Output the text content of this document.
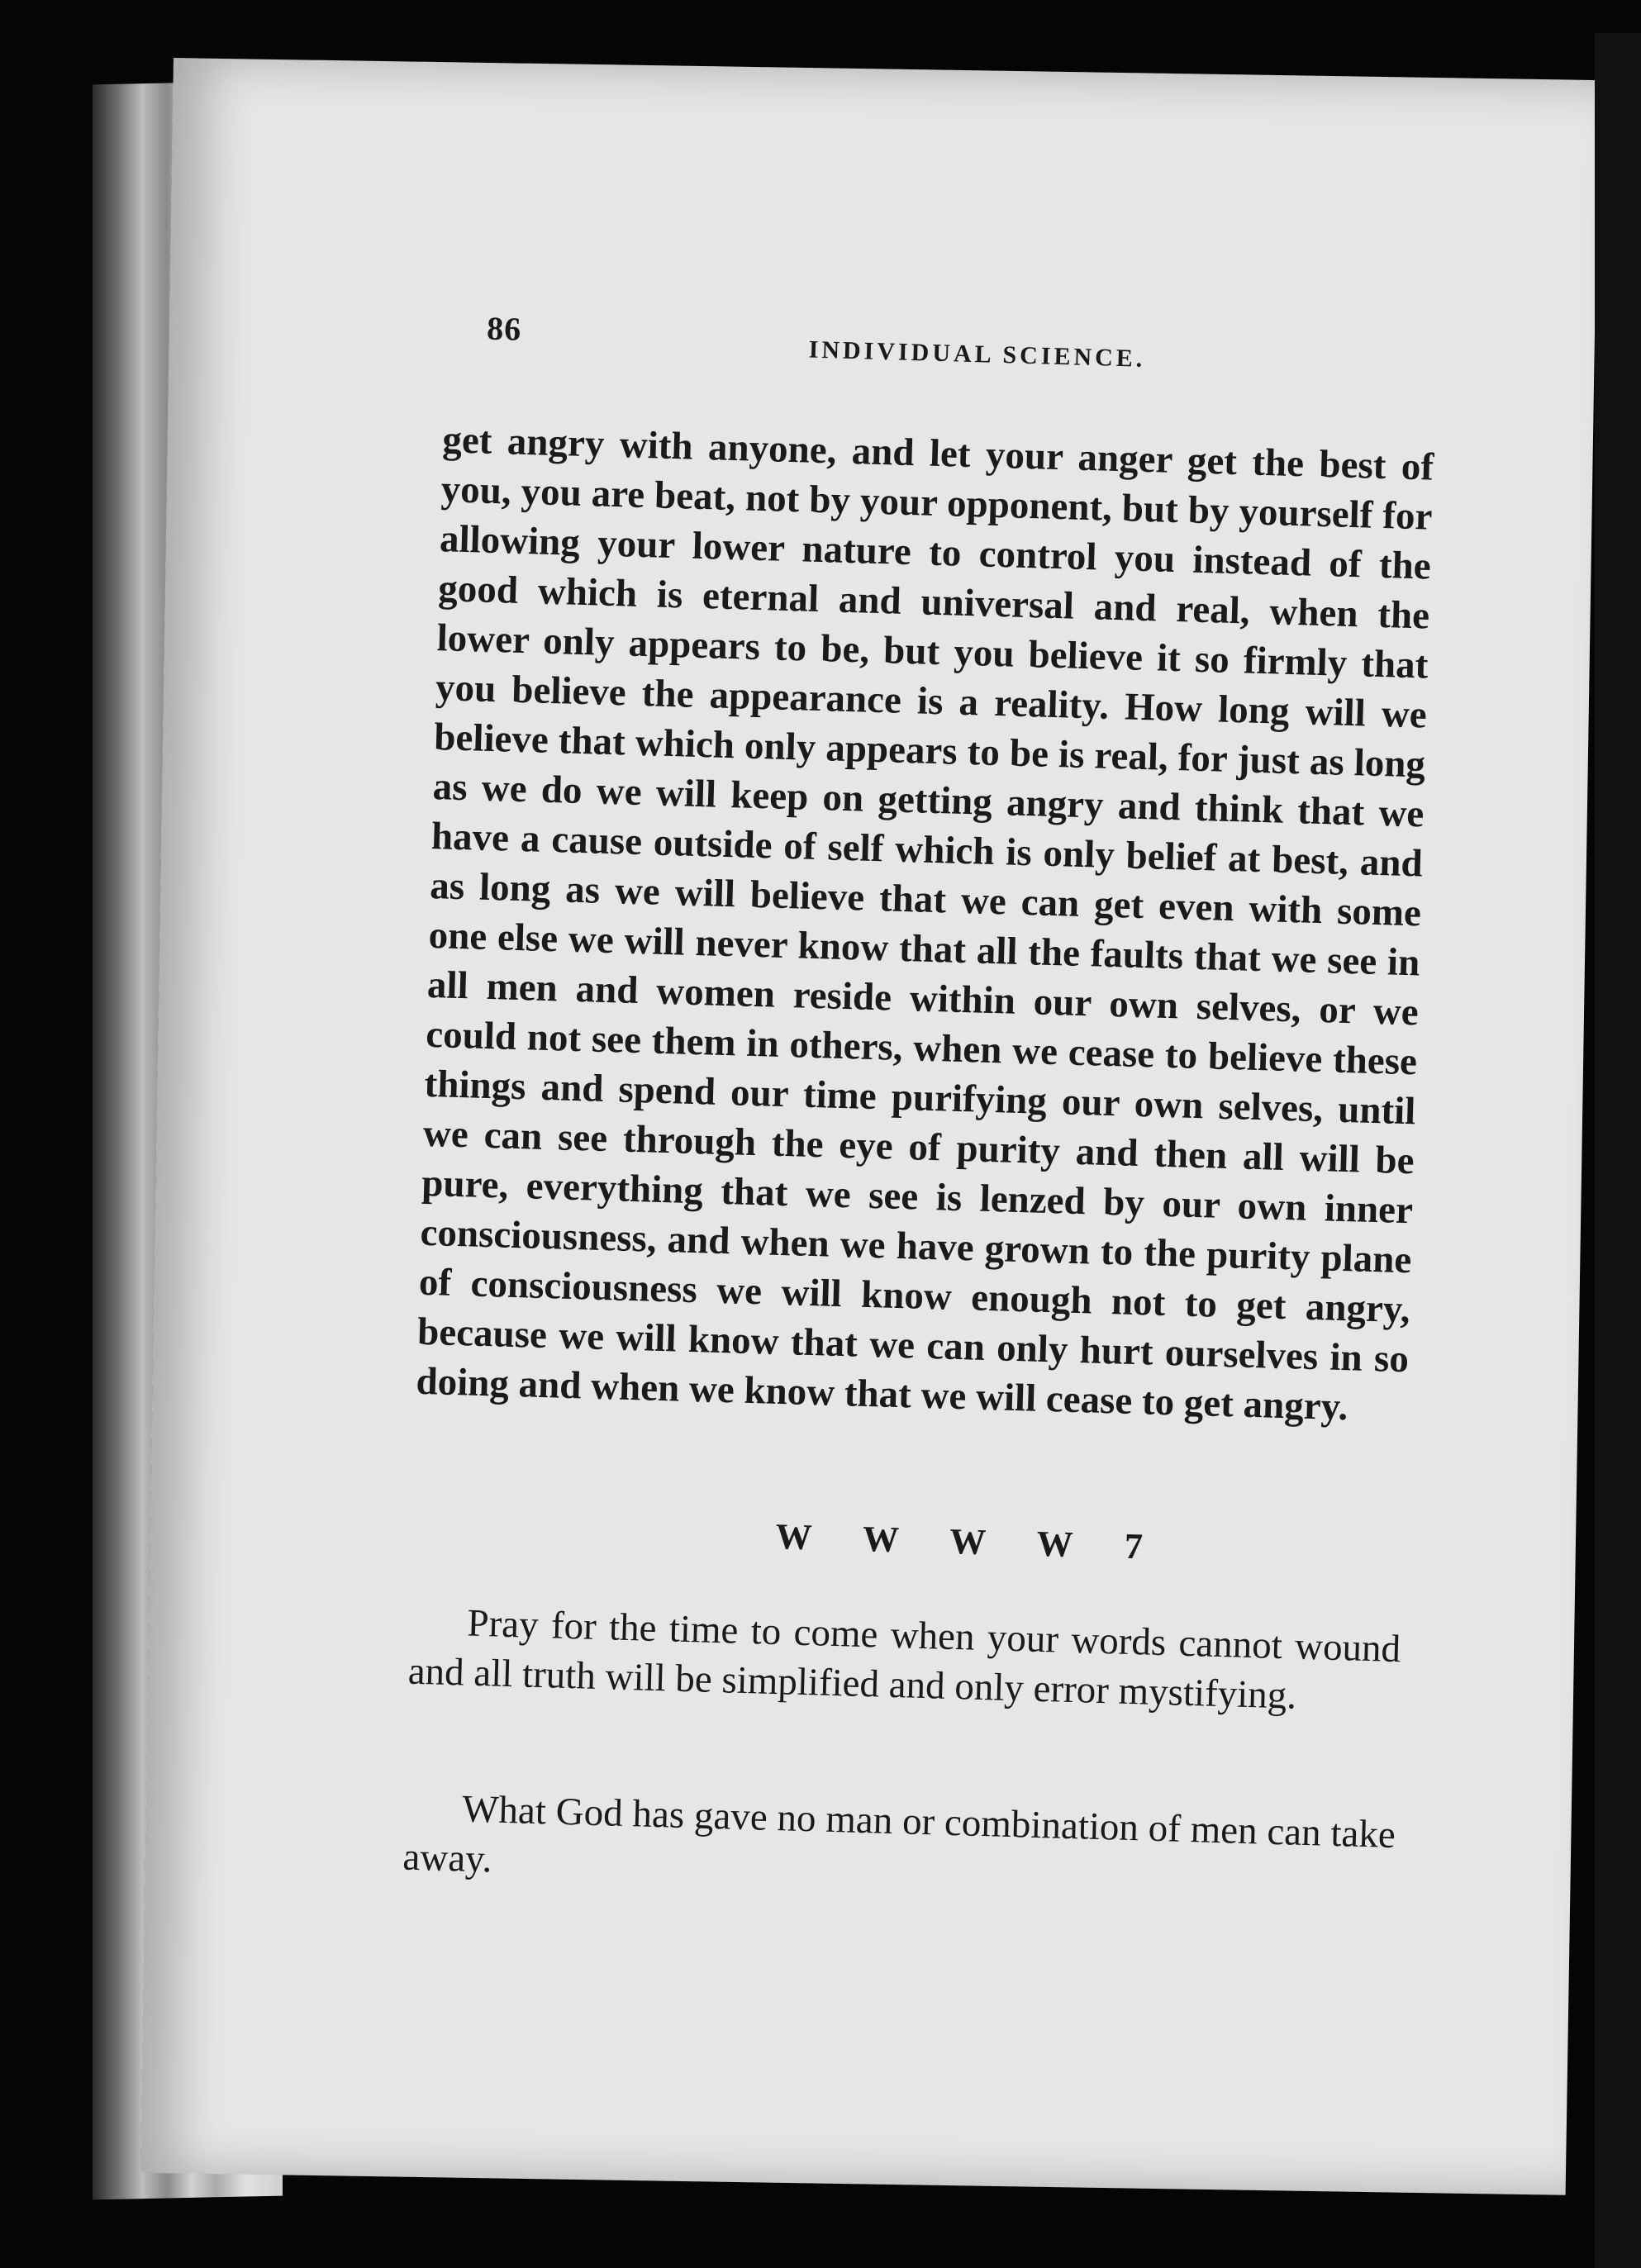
86
INDIVIDUAL SCIENCE.

get angry with anyone, and let your anger get the best of you, you are beat, not by your opponent, but by yourself for allowing your lower nature to control you instead of the good which is eternal and universal and real, when the lower only appears to be, but you believe it so firmly that you believe the appearance is a reality. How long will we believe that which only appears to be is real, for just as long as we do we will keep on getting angry and think that we have a cause outside of self which is only belief at best, and as long as we will believe that we can get even with some one else we will never know that all the faults that we see in all men and women reside within our own selves, or we could not see them in others, when we cease to believe these things and spend our time purifying our own selves, until we can see through the eye of purity and then all will be pure, everything that we see is lenzed by our own inner consciousness, and when we have grown to the purity plane of consciousness we will know enough not to get angry, because we will know that we can only hurt ourselves in so doing and when we know that we will cease to get angry.

W W W W 7

Pray for the time to come when your words cannot wound and all truth will be simplified and only error mystifying.

What God has gave no man or combination of men can take away.
